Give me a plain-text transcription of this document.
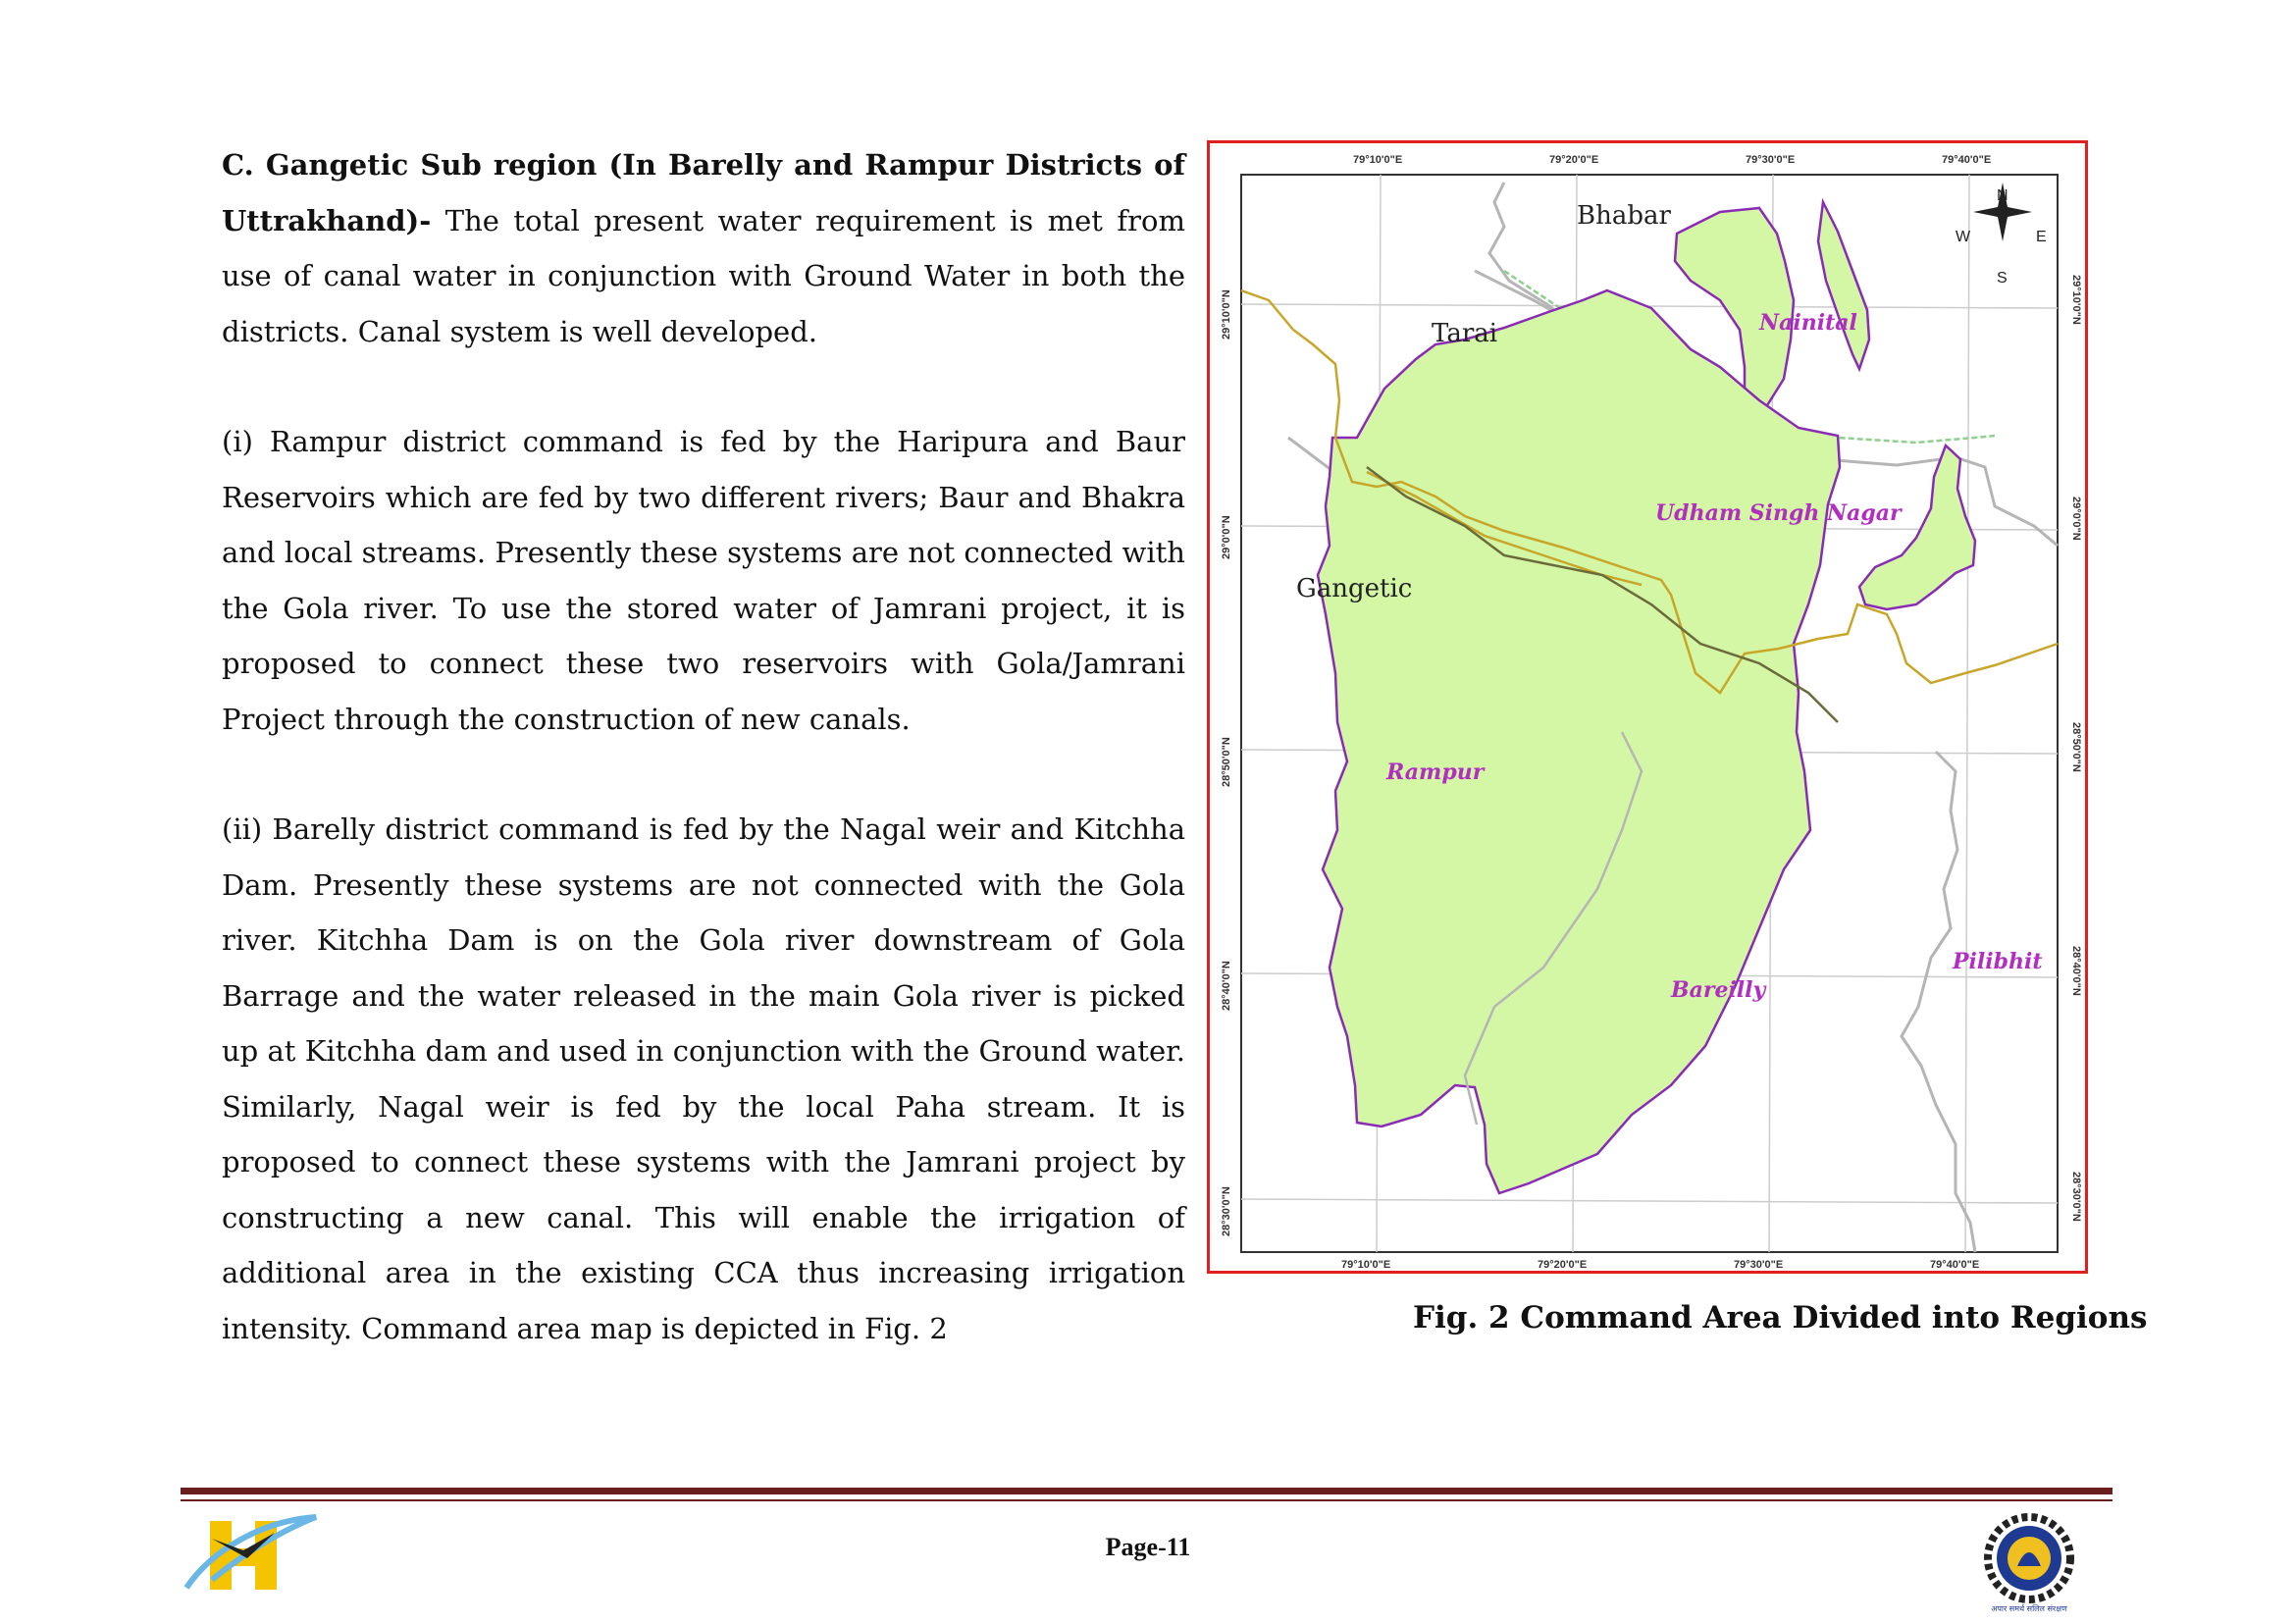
C. Gangetic Sub region (In Barelly and Rampur Districts of Uttrakhand)- The total present water requirement is met from use of canal water in conjunction with Ground Water in both the districts. Canal system is well developed.

(i) Rampur district command is fed by the Haripura and Baur Reservoirs which are fed by two different rivers; Baur and Bhakra and local streams. Presently these systems are not connected with the Gola river. To use the stored water of Jamrani project, it is proposed to connect these two reservoirs with Gola/Jamrani Project through the construction of new canals.

(ii) Barelly district command is fed by the Nagal weir and Kitchha Dam. Presently these systems are not connected with the Gola river. Kitchha Dam is on the Gola river downstream of Gola Barrage and the water released in the main Gola river is picked up at Kitchha dam and used in conjunction with the Ground water. Similarly, Nagal weir is fed by the local Paha stream. It is proposed to connect these systems with the Jamrani project by constructing a new canal. This will enable the irrigation of additional area in the existing CCA thus increasing irrigation intensity. Command area map is depicted in Fig. 2

79°10'0"E	79°20'0"E	79°30'0"E	79°40'0"E
79°10'0"E	79°20'0"E	79°30'0"E	79°40'0"E
29°10'0"N
29°0'0"N
28°50'0"N
28°40'0"N
28°30'0"N
29°10'0"N
29°0'0"N
28°50'0"N
28°40'0"N
28°30'0"N
Bhabar
Tarai
Gangetic
Nainital
Udham Singh Nagar
Rampur
Bareilly
Pilibhit
N
S
E
W
Fig. 2 Command Area Divided into Regions
अपार समर्थ सलिल संरक्षण
Page-11
